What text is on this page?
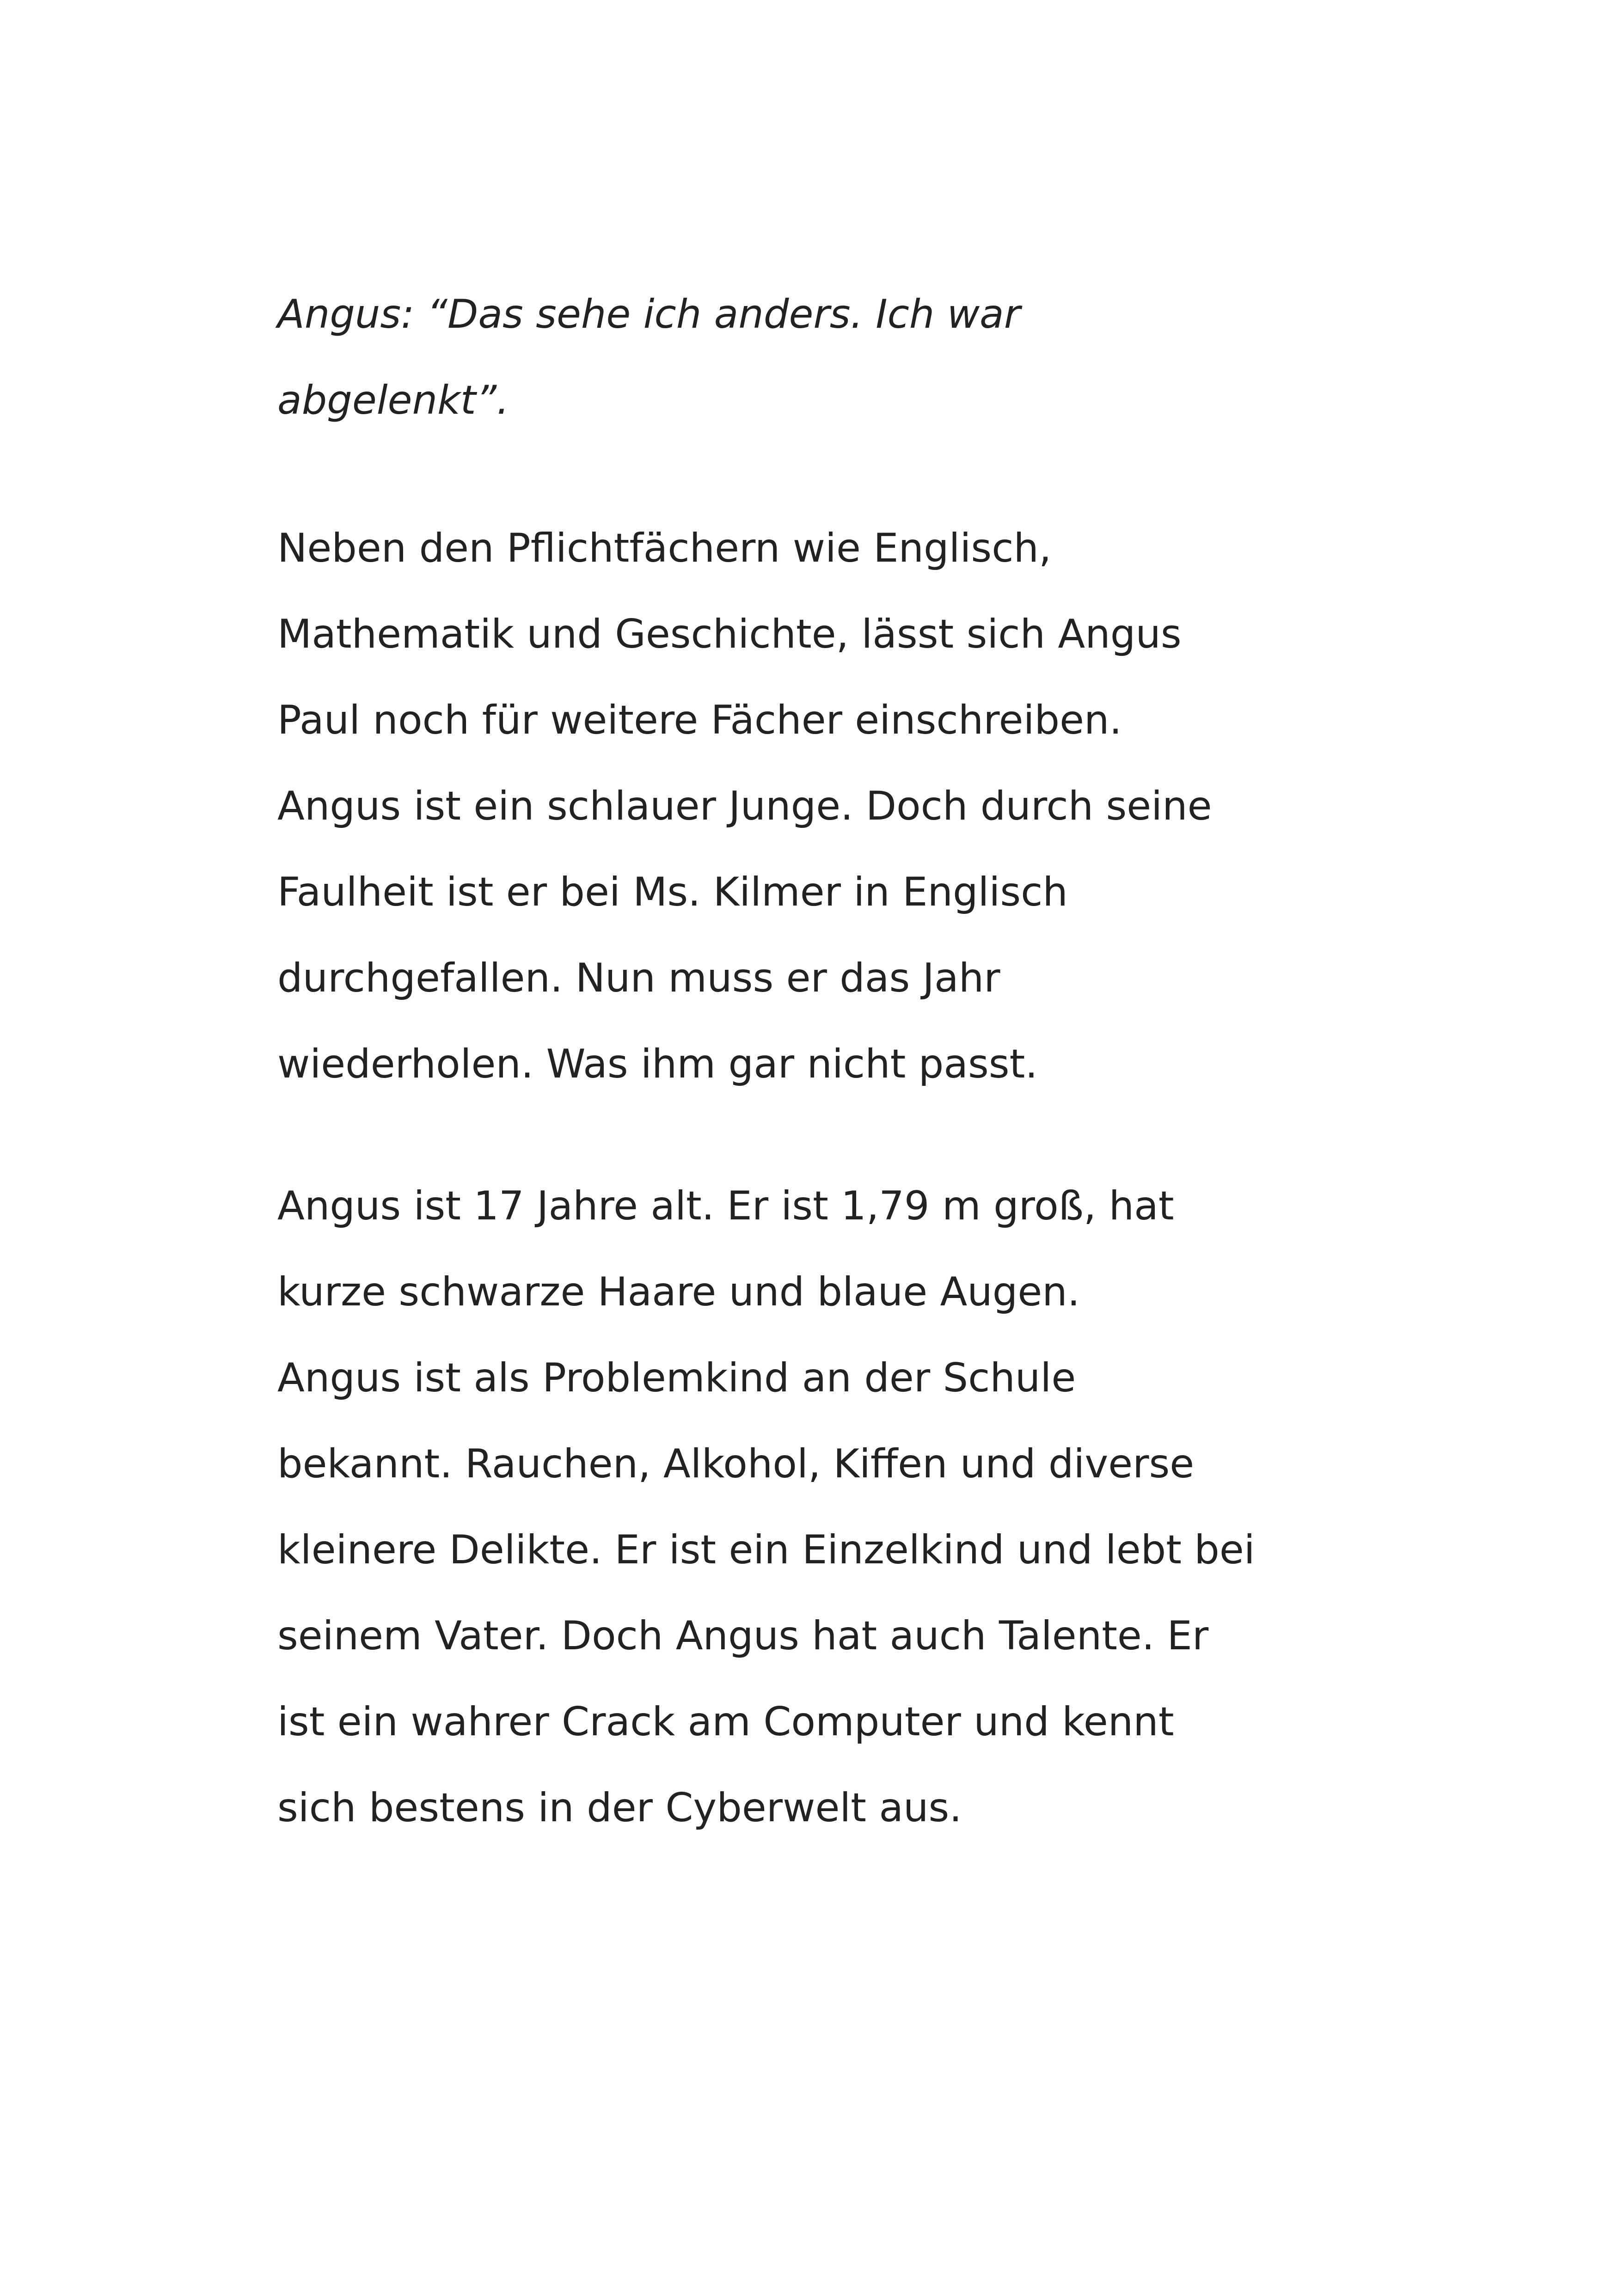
Angus: “Das sehe ich anders. Ich war
abgelenkt”.
Neben den Pflichtfächern wie Englisch,
Mathematik und Geschichte, lässt sich Angus
Paul noch für weitere Fächer einschreiben.
Angus ist ein schlauer Junge. Doch durch seine
Faulheit ist er bei Ms. Kilmer in Englisch
durchgefallen. Nun muss er das Jahr
wiederholen. Was ihm gar nicht passt.
Angus ist 17 Jahre alt. Er ist 1,79 m groß, hat
kurze schwarze Haare und blaue Augen.
Angus ist als Problemkind an der Schule
bekannt. Rauchen, Alkohol, Kiffen und diverse
kleinere Delikte. Er ist ein Einzelkind und lebt bei
seinem Vater. Doch Angus hat auch Talente. Er
ist ein wahrer Crack am Computer und kennt
sich bestens in der Cyberwelt aus.
